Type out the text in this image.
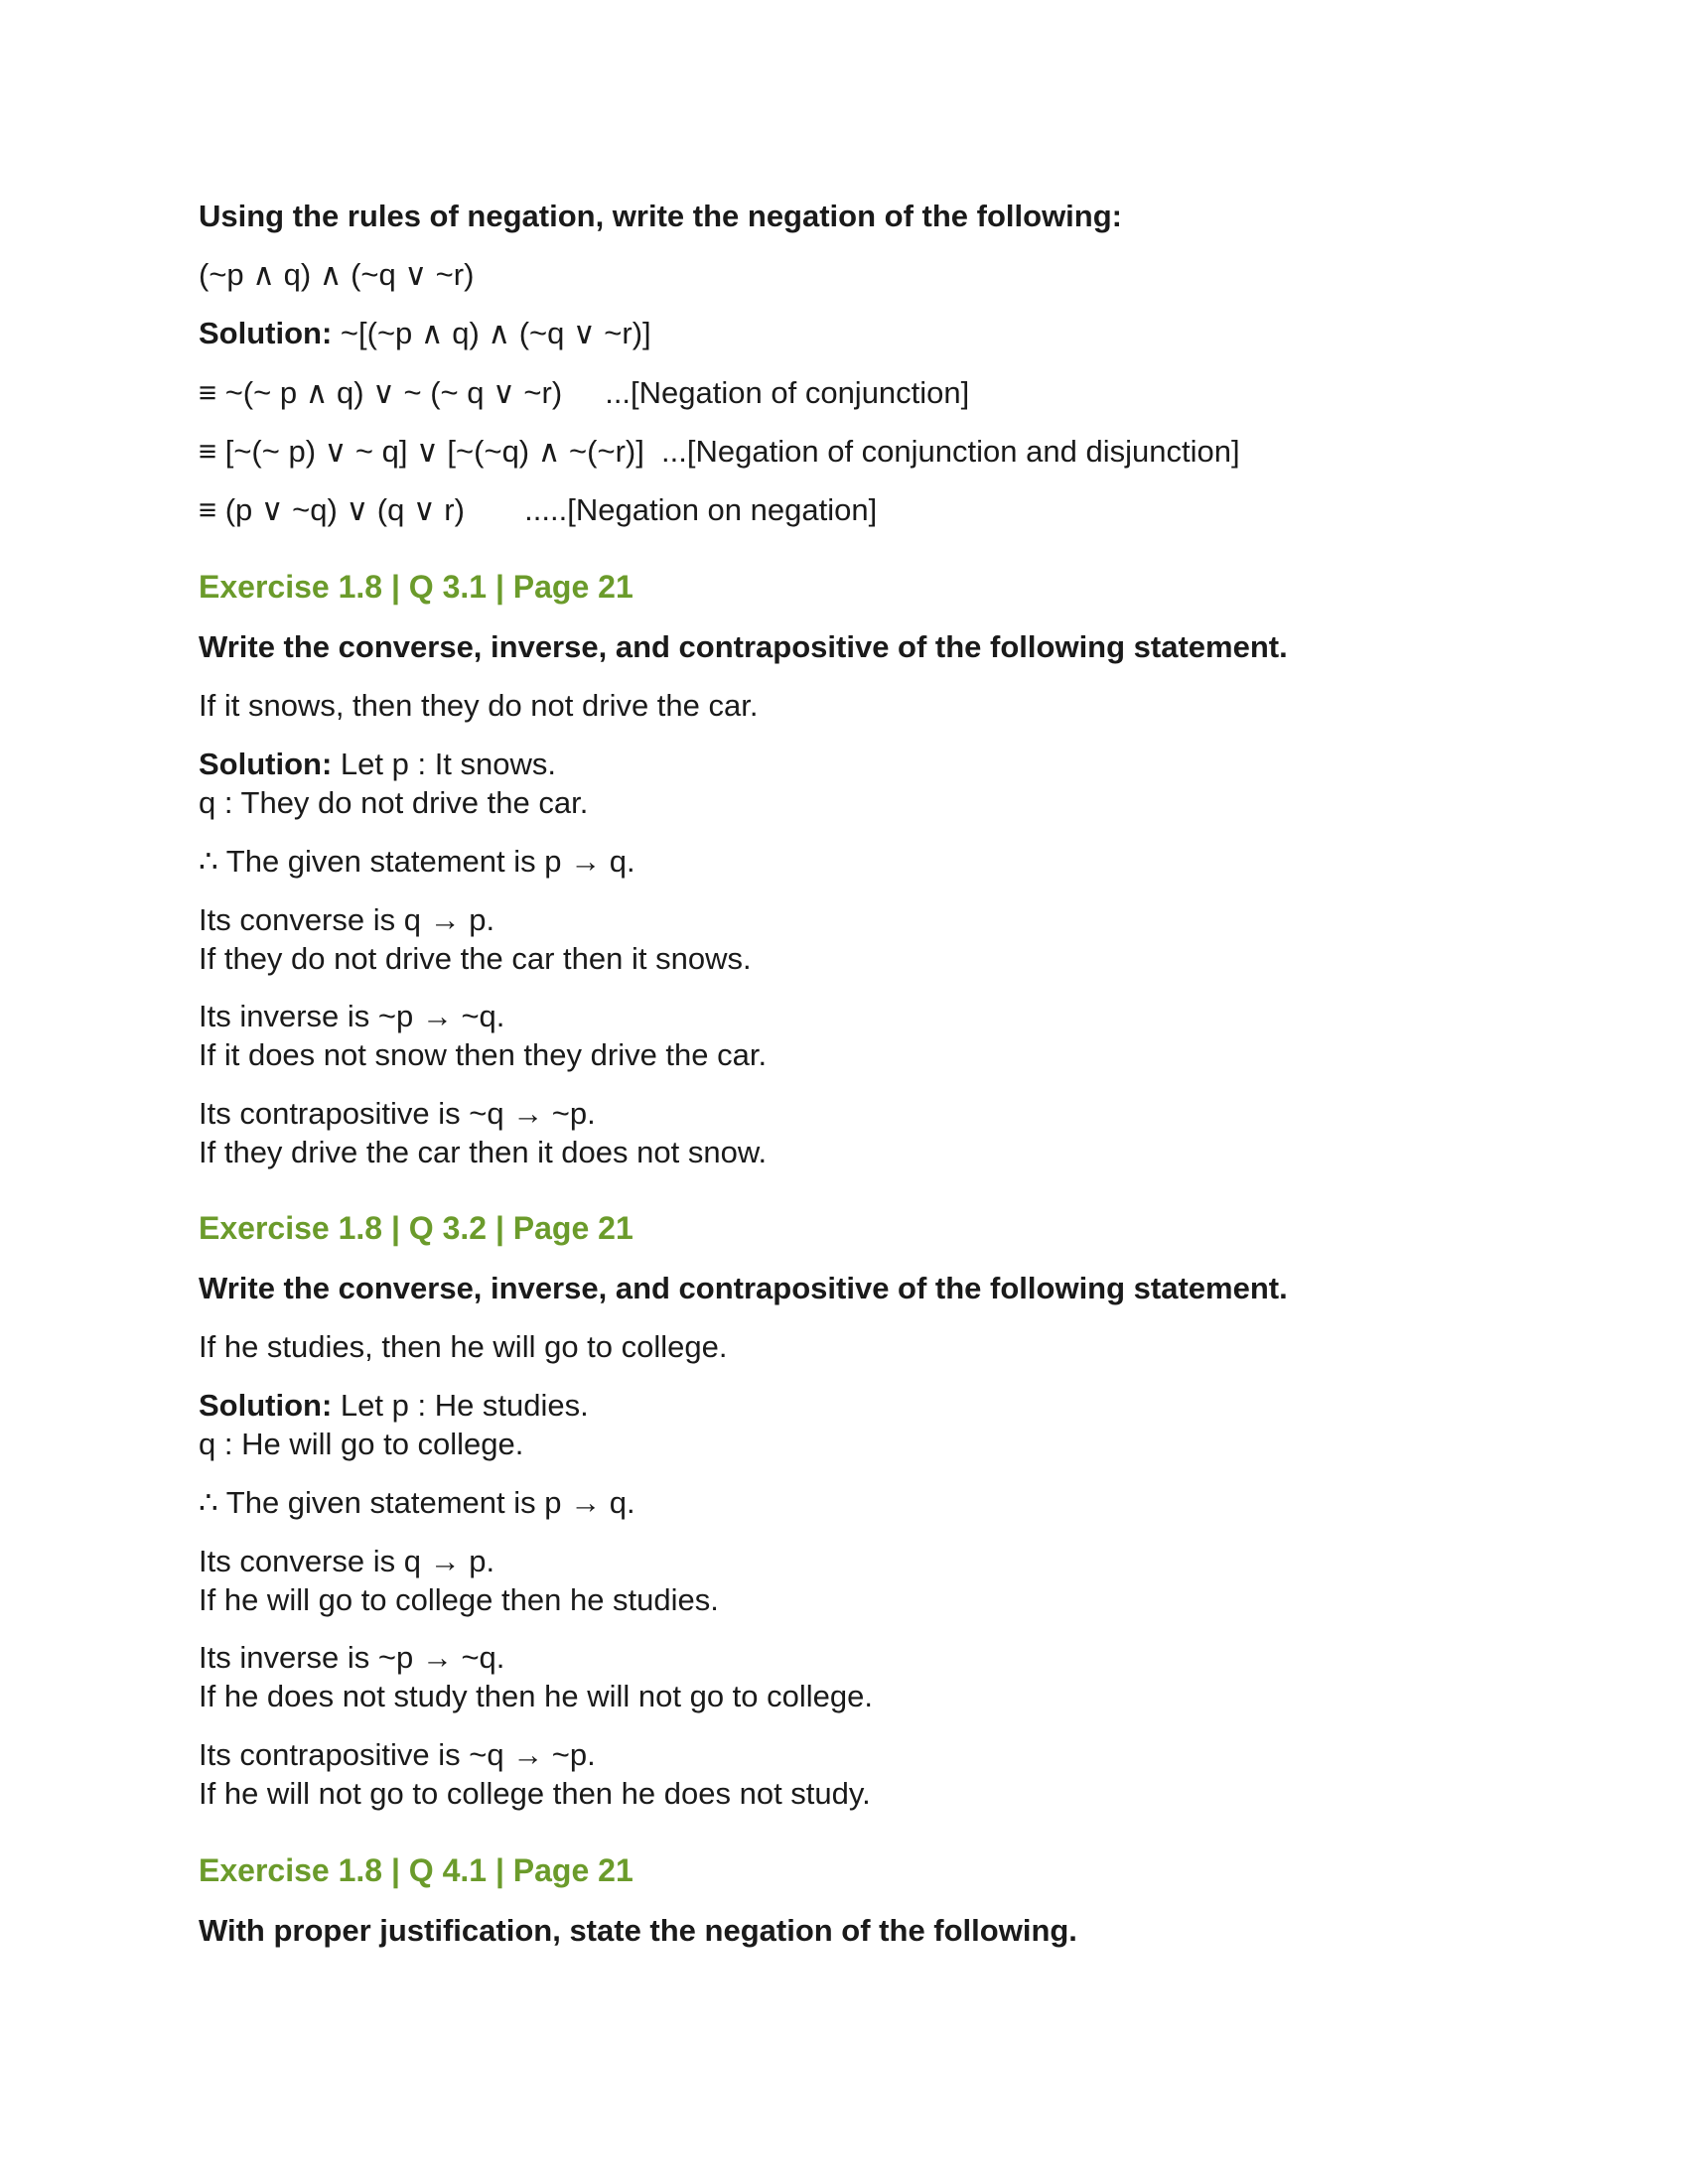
Using the rules of negation, write the negation of the following:

(~p ∧ q) ∧ (~q ∨ ~r)

Solution: ~[(~p ∧ q) ∧ (~q ∨ ~r)]

≡ ~(~ p ∧ q) ∨ ~ (~ q ∨ ~r)     ...[Negation of conjunction]

≡ [~(~ p) ∨ ~ q] ∨ [~(~q) ∧ ~(~r)]  ...[Negation of conjunction and disjunction]

≡ (p ∨ ~q) ∨ (q ∨ r)       .....[Negation on negation]

Exercise 1.8 | Q 3.1 | Page 21

Write the converse, inverse, and contrapositive of the following statement.

If it snows, then they do not drive the car.

Solution: Let p : It snows.

q : They do not drive the car.

∴ The given statement is p → q.

Its converse is q → p.

If they do not drive the car then it snows.

Its inverse is ~p → ~q.

If it does not snow then they drive the car.

Its contrapositive is ~q → ~p.

If they drive the car then it does not snow.

Exercise 1.8 | Q 3.2 | Page 21

Write the converse, inverse, and contrapositive of the following statement.

If he studies, then he will go to college.

Solution: Let p : He studies.

q : He will go to college.

∴ The given statement is p → q.

Its converse is q → p.

If he will go to college then he studies.

Its inverse is ~p → ~q.

If he does not study then he will not go to college.

Its contrapositive is ~q → ~p.

If he will not go to college then he does not study.

Exercise 1.8 | Q 4.1 | Page 21

With proper justification, state the negation of the following.
